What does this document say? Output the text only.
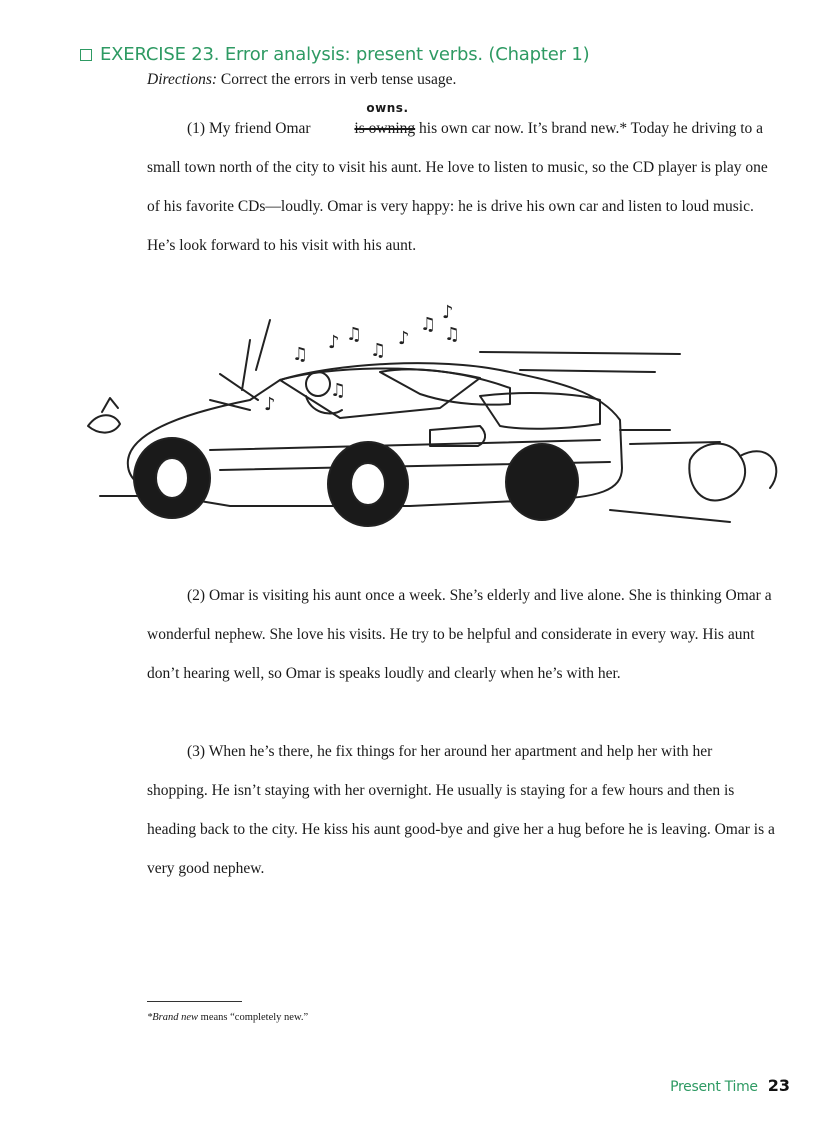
EXERCISE 23. Error analysis: present verbs. (Chapter 1)
Directions: Correct the errors in verb tense usage.
(1) My friend Omar
owns.
is owning his own car now. It’s brand new.* Today he driving to a small town north of the city to visit his aunt. He love to listen to music, so the CD player is play one of his favorite CDs—loudly. Omar is very happy: he is drive his own car and listen to loud music. He’s look forward to his visit with his aunt.
♫
♪ ♫
♫
♪
♫
♪
♫
♪
♫
(2) Omar is visiting his aunt once a week. She’s elderly and live alone. She is thinking Omar a wonderful nephew. She love his visits. He try to be helpful and considerate in every way. His aunt don’t hearing well, so Omar is speaks loudly and clearly when he’s with her.
(3) When he’s there, he fix things for her around her apartment and help her with her shopping. He isn’t staying with her overnight. He usually is staying for a few hours and then is heading back to the city. He kiss his aunt good-bye and give her a hug before he is leaving. Omar is a very good nephew.
*Brand new means “completely new.”
Present Time 23
